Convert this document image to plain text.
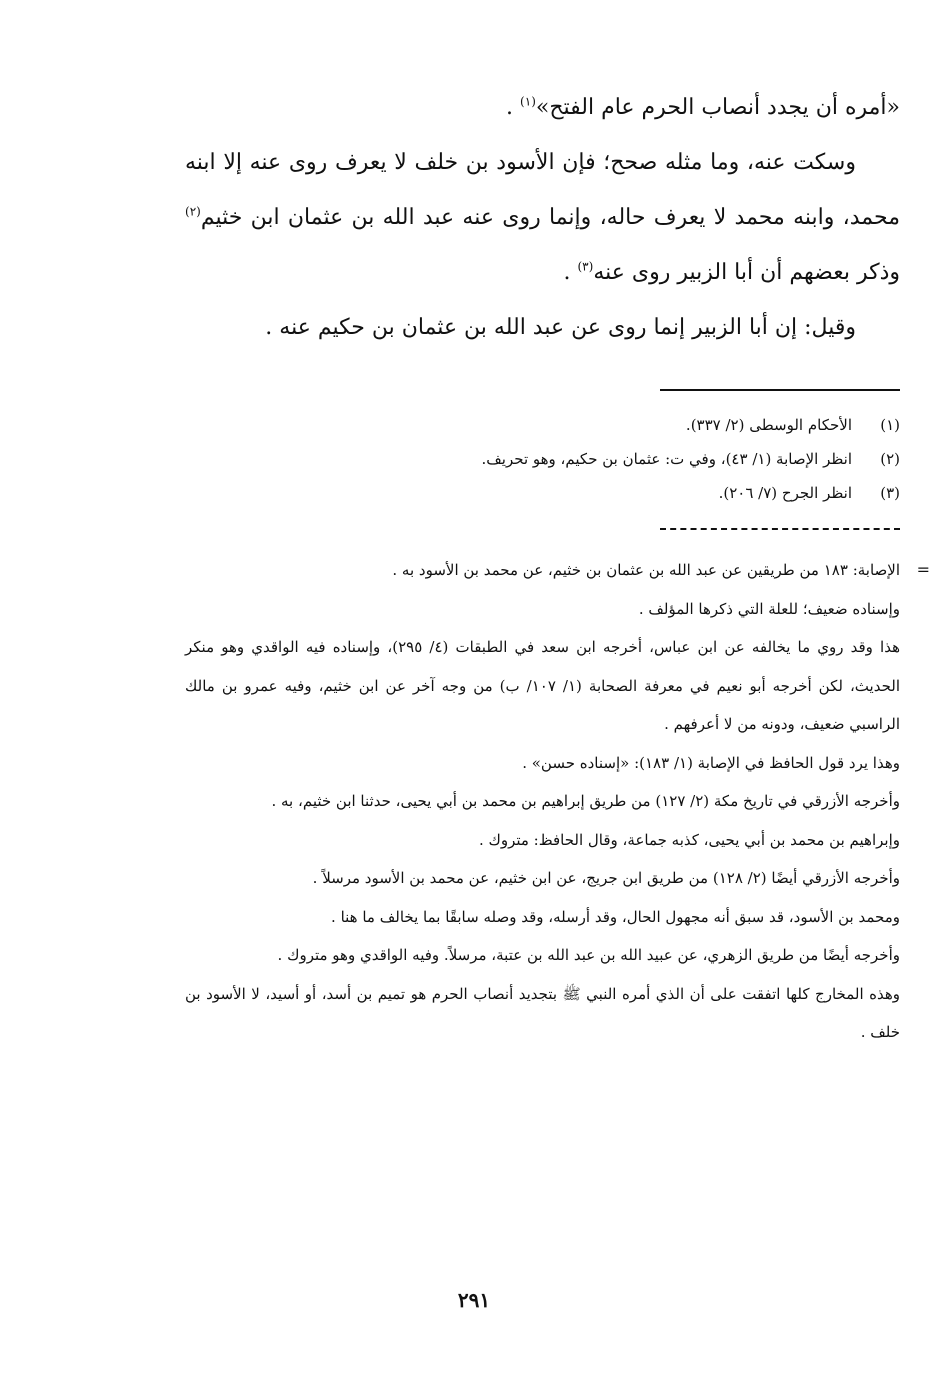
«أمره أن يجدد أنصاب الحرم عام الفتح»$^{(١)}$ .

وسكت عنه، وما مثله صحح؛ فإن الأسود بن خلف لا يعرف روى عنه إلا ابنه محمد، وابنه محمد لا يعرف حاله، وإنما روى عنه عبد الله بن عثمان ابن خثيم$^{(٢)}$ وذكر بعضهم أن أبا الزبير روى عنه$^{(٣)}$ .

وقيل: إن أبا الزبير إنما روى عن عبد الله بن عثمان بن حكيم عنه .

(١)
الأحكام الوسطى (٢/ ٣٣٧).
(٢)
انظر الإصابة (١/ ٤٣)، وفي ت: عثمان بن حكيم، وهو تحريف.
(٣)
انظر الجرح (٧/ ٢٠٦).
=

الإصابة: ١٨٣ من طريقين عن عبد الله بن عثمان بن خثيم، عن محمد بن الأسود به .

وإسناده ضعيف؛ للعلة التي ذكرها المؤلف .

هذا وقد روي ما يخالفه عن ابن عباس، أخرجه ابن سعد في الطبقات (٤/ ٢٩٥)، وإسناده فيه الواقدي وهو منكر الحديث، لكن أخرجه أبو نعيم في معرفة الصحابة (١/ ١٠٧/ ب) من وجه آخر عن ابن خثيم، وفيه عمرو بن مالك الراسبي ضعيف، ودونه من لا أعرفهم .

وهذا يرد قول الحافظ في الإصابة (١/ ١٨٣): «إسناده حسن» .

وأخرجه الأزرقي في تاريخ مكة (٢/ ١٢٧) من طريق إبراهيم بن محمد بن أبي يحيى، حدثنا ابن خثيم، به .

وإبراهيم بن محمد بن أبي يحيى، كذبه جماعة، وقال الحافظ: متروك .

وأخرجه الأزرقي أيضًا (٢/ ١٢٨) من طريق ابن جريج، عن ابن خثيم، عن محمد بن الأسود مرسلاً .

ومحمد بن الأسود، قد سبق أنه مجهول الحال، وقد أرسله، وقد وصله سابقًا بما يخالف ما هنا .

وأخرجه أيضًا من طريق الزهري، عن عبيد الله بن عبد الله بن عتبة، مرسلاً. وفيه الواقدي وهو متروك .

وهذه المخارج كلها اتفقت على أن الذي أمره النبي ﷺ بتجديد أنصاب الحرم هو تميم بن أسد، أو أسيد، لا الأسود بن خلف .

٢٩١
